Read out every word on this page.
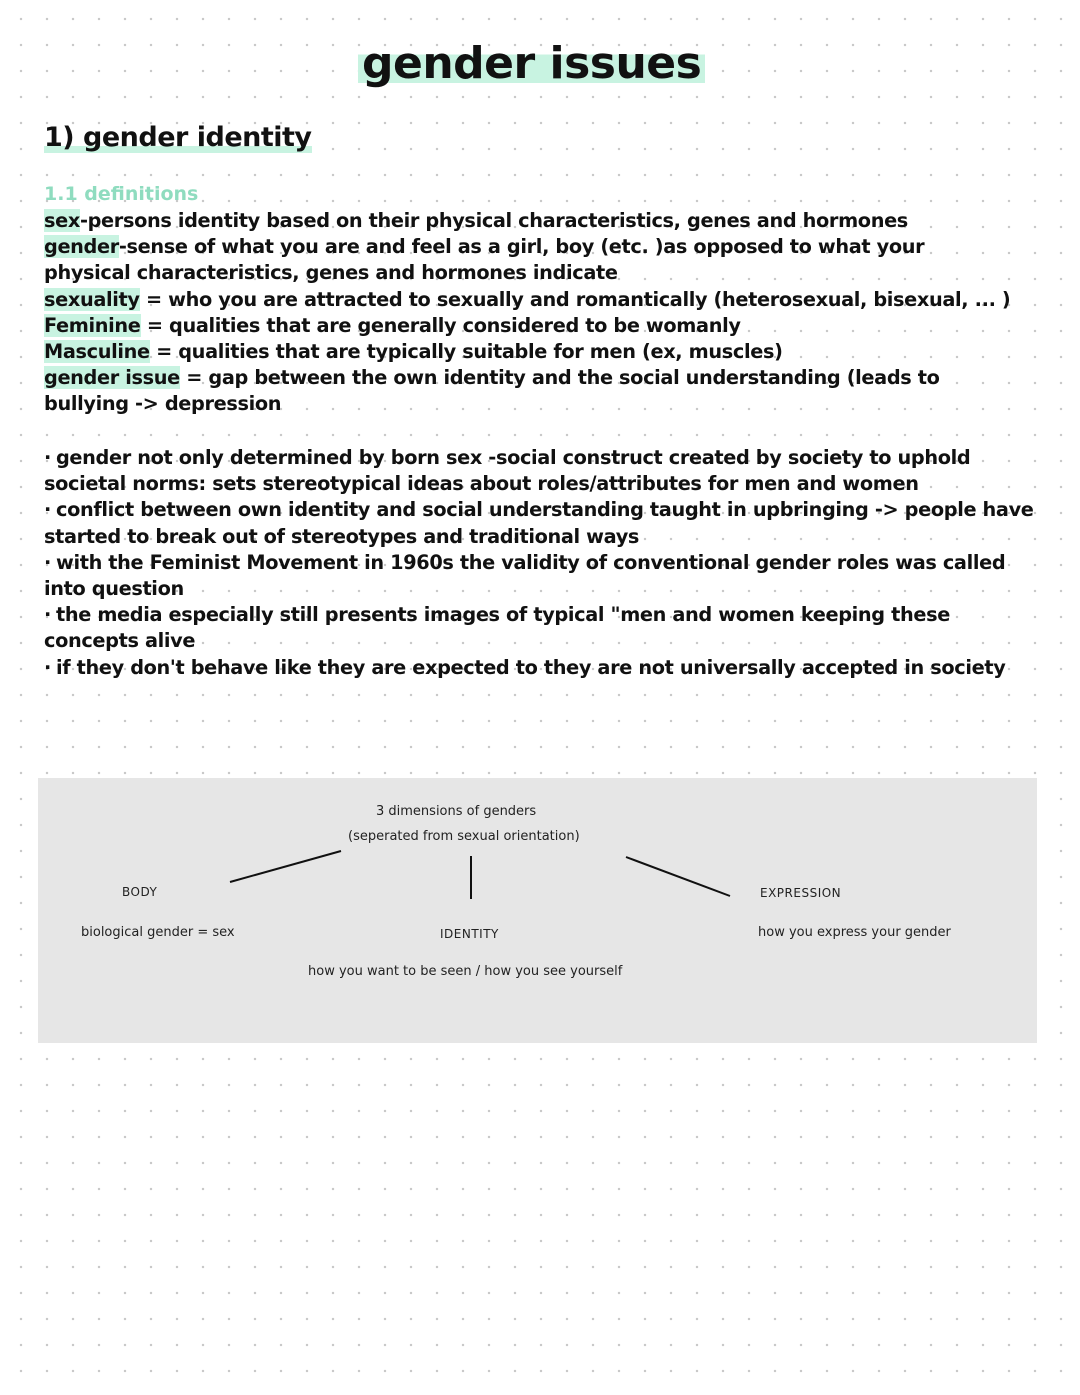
gender issues
1) gender identity
1.1 definitions
sex-persons identity based on their physical characteristics, genes and hormones
gender-sense of what you are and feel as a girl, boy (etc. )as opposed to what your
physical characteristics, genes and hormones indicate
sexuality = who you are attracted to sexually and romantically (heterosexual, bisexual, ... )
Feminine = qualities that are generally considered to be womanly
Masculine = qualities that are typically suitable for men (ex, muscles)
gender issue = gap between the own identity and the social understanding (leads to
bullying -> depression

· gender not only determined by born sex -social construct created by society to uphold societal norms: sets stereotypical ideas about roles/attributes for men and women

· conflict between own identity and social understanding taught in upbringing -> people have started to break out of stereotypes and traditional ways

· with the Feminist Movement in 1960s the validity of conventional gender roles was called into question

· the media especially still presents images of typical "men and women keeping these concepts alive

· if they don't behave like they are expected to they are not universally accepted in society

3 dimensions of genders
(seperated from sexual orientation)
BODY
biological gender = sex	IDENTITY
how you want to be seen / how you see yourself
EXPRESSION
how you express your gender
